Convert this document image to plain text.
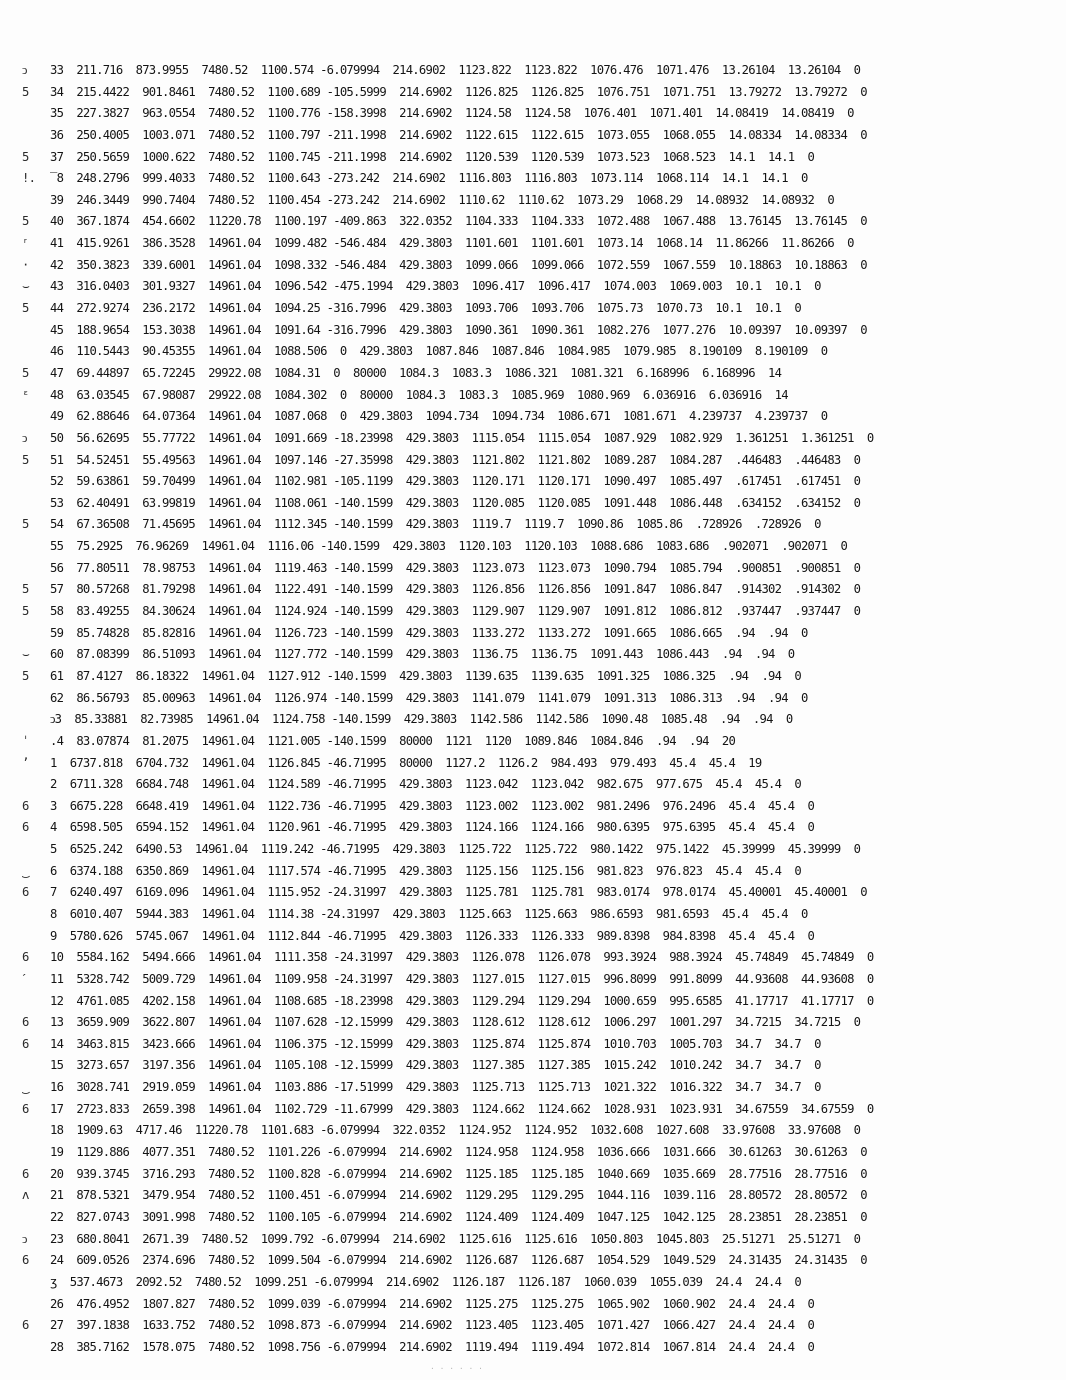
ↄ 33  211.716  873.9955  7480.52  1100.574 -6.079994  214.6902  1123.822  1123.822  1076.476  1071.476  13.26104  13.26104  0
5 34  215.4422  901.8461  7480.52  1100.689 -105.5999  214.6902  1126.825  1126.825  1076.751  1071.751  13.79272  13.79272  0
35  227.3827  963.0554  7480.52  1100.776 -158.3998  214.6902  1124.58  1124.58  1076.401  1071.401  14.08419  14.08419  0
36  250.4005  1003.071  7480.52  1100.797 -211.1998  214.6902  1122.615  1122.615  1073.055  1068.055  14.08334  14.08334  0
5 37  250.5659  1000.622  7480.52  1100.745 -211.1998  214.6902  1120.539  1120.539  1073.523  1068.523  14.1  14.1  0
!. ‾8  248.2796  999.4033  7480.52  1100.643 -273.242  214.6902  1116.803  1116.803  1073.114  1068.114  14.1  14.1  0
39  246.3449  990.7404  7480.52  1100.454 -273.242  214.6902  1110.62  1110.62  1073.29  1068.29  14.08932  14.08932  0
5 40  367.1874  454.6602  11220.78  1100.197 -409.863  322.0352  1104.333  1104.333  1072.488  1067.488  13.76145  13.76145  0
ʳ 41  415.9261  386.3528  14961.04  1099.482 -546.484  429.3803  1101.601  1101.601  1073.14  1068.14  11.86266  11.86266  0
· 42  350.3823  339.6001  14961.04  1098.332 -546.484  429.3803  1099.066  1099.066  1072.559  1067.559  10.18863  10.18863  0
⌣ 43  316.0403  301.9327  14961.04  1096.542 -475.1994  429.3803  1096.417  1096.417  1074.003  1069.003  10.1  10.1  0
5 44  272.9274  236.2172  14961.04  1094.25 -316.7996  429.3803  1093.706  1093.706  1075.73  1070.73  10.1  10.1  0
45  188.9654  153.3038  14961.04  1091.64 -316.7996  429.3803  1090.361  1090.361  1082.276  1077.276  10.09397  10.09397  0
46  110.5443  90.45355  14961.04  1088.506  0  429.3803  1087.846  1087.846  1084.985  1079.985  8.190109  8.190109  0
5 47  69.44897  65.72245  29922.08  1084.31  0  80000  1084.3  1083.3  1086.321  1081.321  6.168996  6.168996  14
ᵋ 48  63.03545  67.98087  29922.08  1084.302  0  80000  1084.3  1083.3  1085.969  1080.969  6.036916  6.036916  14
49  62.88646  64.07364  14961.04  1087.068  0  429.3803  1094.734  1094.734  1086.671  1081.671  4.239737  4.239737  0
ↄ 50  56.62695  55.77722  14961.04  1091.669 -18.23998  429.3803  1115.054  1115.054  1087.929  1082.929  1.361251  1.361251  0
5 51  54.52451  55.49563  14961.04  1097.146 -27.35998  429.3803  1121.802  1121.802  1089.287  1084.287  .446483  .446483  0
52  59.63861  59.70499  14961.04  1102.981 -105.1199  429.3803  1120.171  1120.171  1090.497  1085.497  .617451  .617451  0
53  62.40491  63.99819  14961.04  1108.061 -140.1599  429.3803  1120.085  1120.085  1091.448  1086.448  .634152  .634152  0
5 54  67.36508  71.45695  14961.04  1112.345 -140.1599  429.3803  1119.7  1119.7  1090.86  1085.86  .728926  .728926  0
55  75.2925  76.96269  14961.04  1116.06 -140.1599  429.3803  1120.103  1120.103  1088.686  1083.686  .902071  .902071  0
56  77.80511  78.98753  14961.04  1119.463 -140.1599  429.3803  1123.073  1123.073  1090.794  1085.794  .900851  .900851  0
5 57  80.57268  81.79298  14961.04  1122.491 -140.1599  429.3803  1126.856  1126.856  1091.847  1086.847  .914302  .914302  0
5 58  83.49255  84.30624  14961.04  1124.924 -140.1599  429.3803  1129.907  1129.907  1091.812  1086.812  .937447  .937447  0
59  85.74828  85.82816  14961.04  1126.723 -140.1599  429.3803  1133.272  1133.272  1091.665  1086.665  .94  .94  0
⌣ 60  87.08399  86.51093  14961.04  1127.772 -140.1599  429.3803  1136.75  1136.75  1091.443  1086.443  .94  .94  0
5 61  87.4127  86.18322  14961.04  1127.912 -140.1599  429.3803  1139.635  1139.635  1091.325  1086.325  .94  .94  0
62  86.56793  85.00963  14961.04  1126.974 -140.1599  429.3803  1141.079  1141.079  1091.313  1086.313  .94  .94  0
ↄ3  85.33881  82.73985  14961.04  1124.758 -140.1599  429.3803  1142.586  1142.586  1090.48  1085.48  .94  .94  0
ˈ .4  83.07874  81.2075  14961.04  1121.005 -140.1599  80000  1121  1120  1089.846  1084.846  .94  .94  20
ʼ 1  6737.818  6704.732  14961.04  1126.845 -46.71995  80000  1127.2  1126.2  984.493  979.493  45.4  45.4  19
2  6711.328  6684.748  14961.04  1124.589 -46.71995  429.3803  1123.042  1123.042  982.675  977.675  45.4  45.4  0
6 3  6675.228  6648.419  14961.04  1122.736 -46.71995  429.3803  1123.002  1123.002  981.2496  976.2496  45.4  45.4  0
6 4  6598.505  6594.152  14961.04  1120.961 -46.71995  429.3803  1124.166  1124.166  980.6395  975.6395  45.4  45.4  0
5  6525.242  6490.53  14961.04  1119.242 -46.71995  429.3803  1125.722  1125.722  980.1422  975.1422  45.39999  45.39999  0
‿ 6  6374.188  6350.869  14961.04  1117.574 -46.71995  429.3803  1125.156  1125.156  981.823  976.823  45.4  45.4  0
6 7  6240.497  6169.096  14961.04  1115.952 -24.31997  429.3803  1125.781  1125.781  983.0174  978.0174  45.40001  45.40001  0
8  6010.407  5944.383  14961.04  1114.38 -24.31997  429.3803  1125.663  1125.663  986.6593  981.6593  45.4  45.4  0
9  5780.626  5745.067  14961.04  1112.844 -46.71995  429.3803  1126.333  1126.333  989.8398  984.8398  45.4  45.4  0
6 10  5584.162  5494.666  14961.04  1111.358 -24.31997  429.3803  1126.078  1126.078  993.3924  988.3924  45.74849  45.74849  0
ˊ 11  5328.742  5009.729  14961.04  1109.958 -24.31997  429.3803  1127.015  1127.015  996.8099  991.8099  44.93608  44.93608  0
12  4761.085  4202.158  14961.04  1108.685 -18.23998  429.3803  1129.294  1129.294  1000.659  995.6585  41.17717  41.17717  0
6 13  3659.909  3622.807  14961.04  1107.628 -12.15999  429.3803  1128.612  1128.612  1006.297  1001.297  34.7215  34.7215  0
6 14  3463.815  3423.666  14961.04  1106.375 -12.15999  429.3803  1125.874  1125.874  1010.703  1005.703  34.7  34.7  0
15  3273.657  3197.356  14961.04  1105.108 -12.15999  429.3803  1127.385  1127.385  1015.242  1010.242  34.7  34.7  0
‿ 16  3028.741  2919.059  14961.04  1103.886 -17.51999  429.3803  1125.713  1125.713  1021.322  1016.322  34.7  34.7  0
6 17  2723.833  2659.398  14961.04  1102.729 -11.67999  429.3803  1124.662  1124.662  1028.931  1023.931  34.67559  34.67559  0
18  1909.63  4717.46  11220.78  1101.683 -6.079994  322.0352  1124.952  1124.952  1032.608  1027.608  33.97608  33.97608  0
19  1129.886  4077.351  7480.52  1101.226 -6.079994  214.6902  1124.958  1124.958  1036.666  1031.666  30.61263  30.61263  0
6 20  939.3745  3716.293  7480.52  1100.828 -6.079994  214.6902  1125.185  1125.185  1040.669  1035.669  28.77516  28.77516  0
ʌ 21  878.5321  3479.954  7480.52  1100.451 -6.079994  214.6902  1129.295  1129.295  1044.116  1039.116  28.80572  28.80572  0
22  827.0743  3091.998  7480.52  1100.105 -6.079994  214.6902  1124.409  1124.409  1047.125  1042.125  28.23851  28.23851  0
ↄ 23  680.8041  2671.39  7480.52  1099.792 -6.079994  214.6902  1125.616  1125.616  1050.803  1045.803  25.51271  25.51271  0
6 24  609.0526  2374.696  7480.52  1099.504 -6.079994  214.6902  1126.687  1126.687  1054.529  1049.529  24.31435  24.31435  0
ʒ  537.4673  2092.52  7480.52  1099.251 -6.079994  214.6902  1126.187  1126.187  1060.039  1055.039  24.4  24.4  0
26  476.4952  1807.827  7480.52  1099.039 -6.079994  214.6902  1125.275  1125.275  1065.902  1060.902  24.4  24.4  0
6 27  397.1838  1633.752  7480.52  1098.873 -6.079994  214.6902  1123.405  1123.405  1071.427  1066.427  24.4  24.4  0
28  385.7162  1578.075  7480.52  1098.756 -6.079994  214.6902  1119.494  1119.494  1072.814  1067.814  24.4  24.4  0
· · · · · ·
